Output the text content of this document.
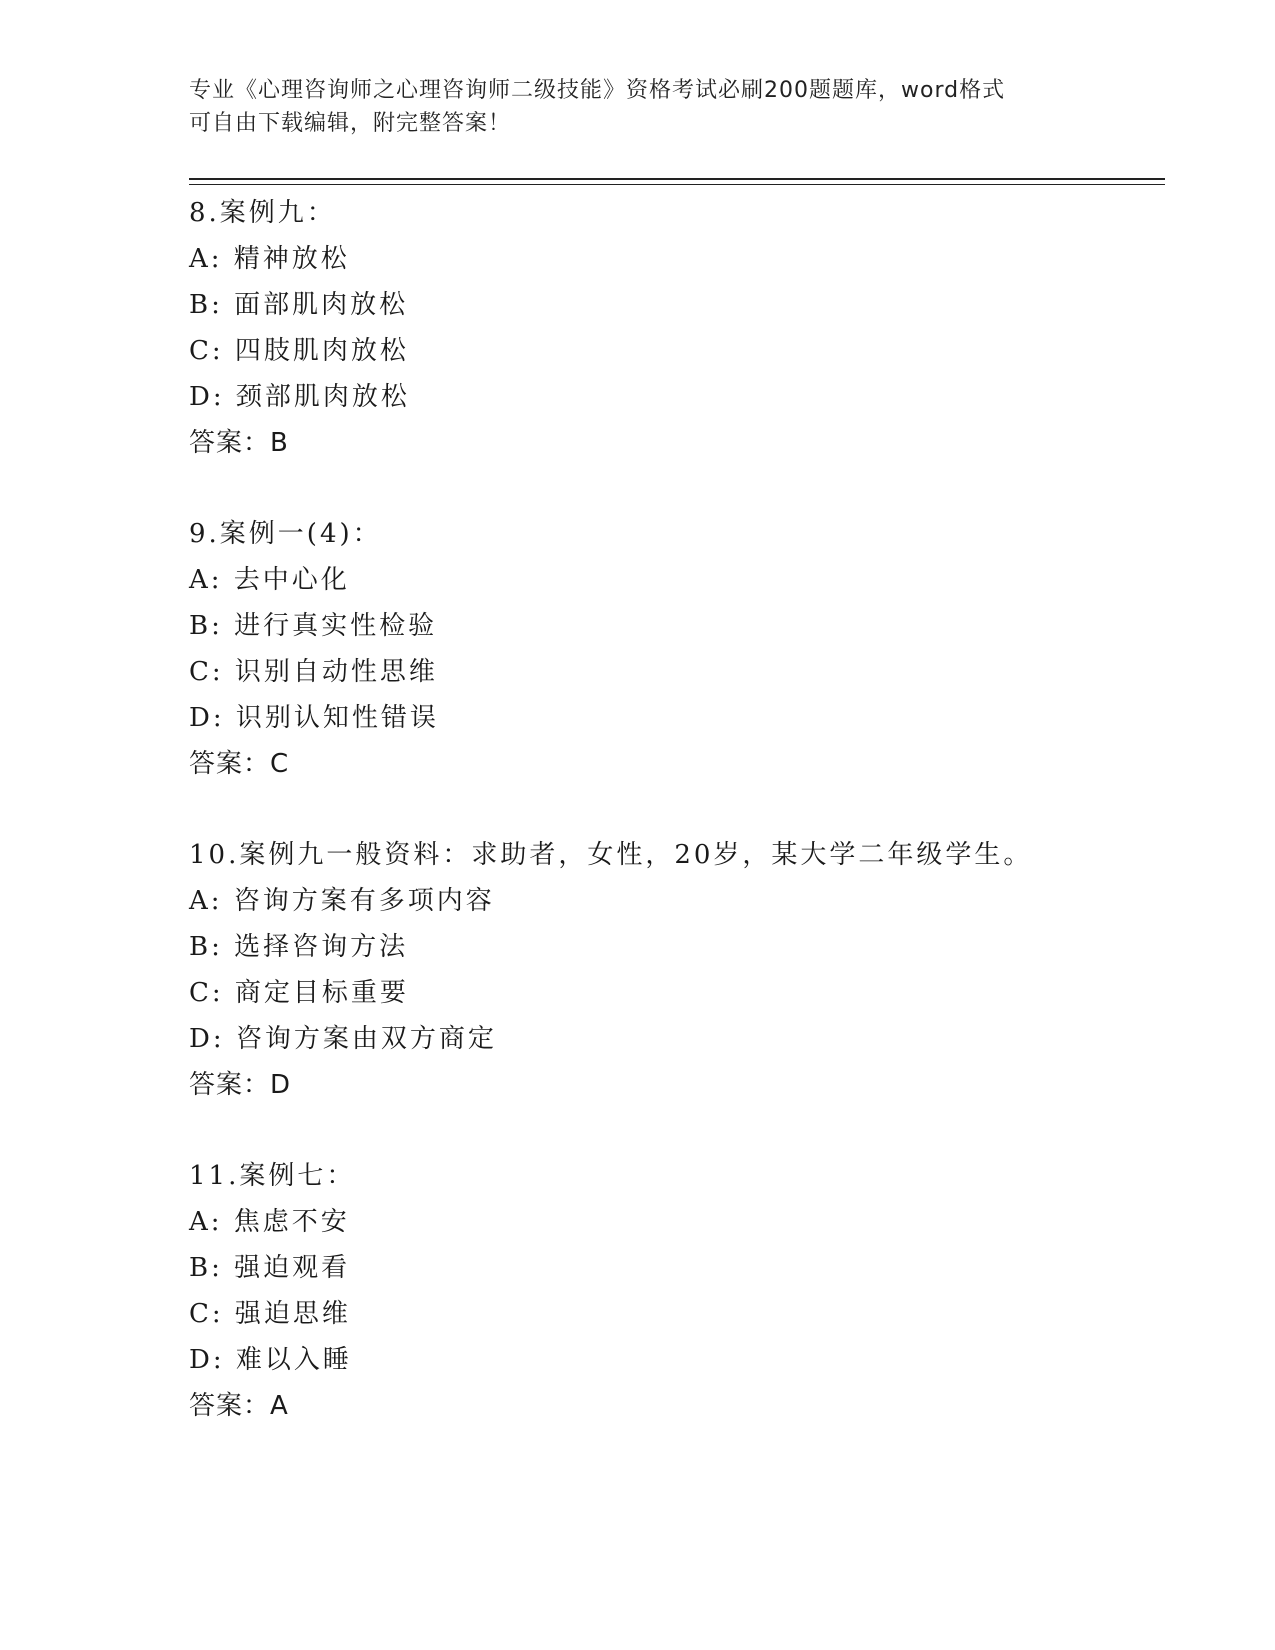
专业《心理咨询师之心理咨询师二级技能》资格考试必刷200题题库，word格式
可自由下载编辑，附完整答案！
8.案例九：
A: 精神放松
B: 面部肌肉放松
C: 四肢肌肉放松
D: 颈部肌肉放松
答案：B
9.案例一(4)：
A: 去中心化
B: 进行真实性检验
C: 识别自动性思维
D: 识别认知性错误
答案：C
10.案例九一般资料：求助者，女性，20岁，某大学二年级学生。
A: 咨询方案有多项内容
B: 选择咨询方法
C: 商定目标重要
D: 咨询方案由双方商定
答案：D
11.案例七：
A: 焦虑不安
B: 强迫观看
C: 强迫思维
D: 难以入睡
答案：A
